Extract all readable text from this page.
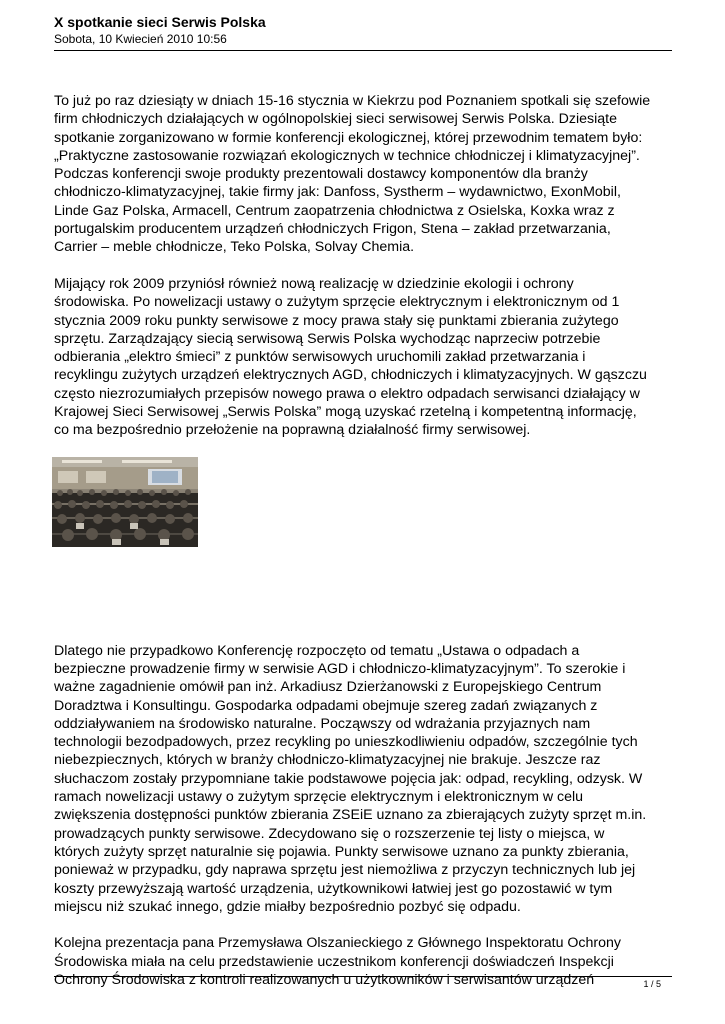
X spotkanie sieci Serwis Polska

Sobota, 10 Kwiecień 2010 10:56

To już po raz dziesiąty w dniach 15-16 stycznia w Kiekrzu pod Poznaniem spotkali się szefowie
firm chłodniczych działających w ogólnopolskiej sieci serwisowej Serwis Polska. Dziesiąte
spotkanie zorganizowano w formie konferencji ekologicznej, której przewodnim tematem było:
„Praktyczne zastosowanie rozwiązań ekologicznych w technice chłodniczej i klimatyzacyjnej”.
Podczas konferencji swoje produkty prezentowali dostawcy komponentów dla branży
chłodniczo-klimatyzacyjnej, takie firmy jak: Danfoss, Systherm – wydawnictwo, ExonMobil,
Linde Gaz Polska, Armacell, Centrum zaopatrzenia chłodnictwa z Osielska, Koxka wraz z
portugalskim producentem urządzeń chłodniczych Frigon, Stena – zakład przetwarzania,
Carrier – meble chłodnicze, Teko Polska, Solvay Chemia.

Mijający rok 2009 przyniósł również nową realizację w dziedzinie ekologii i ochrony
środowiska. Po nowelizacji ustawy o zużytym sprzęcie elektrycznym i elektronicznym od 1
stycznia 2009 roku punkty serwisowe z mocy prawa stały się punktami zbierania zużytego
sprzętu. Zarządzający siecią serwisową Serwis Polska wychodząc naprzeciw potrzebie
odbierania „elektro śmieci” z punktów serwisowych uruchomili zakład przetwarzania i
recyklingu zużytych urządzeń elektrycznych AGD, chłodniczych i klimatyzacyjnych. W gąszczu
często niezrozumiałych przepisów nowego prawa o elektro odpadach serwisanci działający w
Krajowej Sieci Serwisowej „Serwis Polska” mogą uzyskać rzetelną i kompetentną informację,
co ma bezpośrednio przełożenie na poprawną działalność firmy serwisowej.

Dlatego nie przypadkowo Konferencję rozpoczęto od tematu „Ustawa o odpadach a
bezpieczne prowadzenie firmy w serwisie AGD i chłodniczo-klimatyzacyjnym”. To szerokie i
ważne zagadnienie omówił pan inż. Arkadiusz Dzierżanowski z Europejskiego Centrum
Doradztwa i Konsultingu. Gospodarka odpadami obejmuje szereg zadań związanych z
oddziaływaniem na środowisko naturalne. Począwszy od wdrażania przyjaznych nam
technologii bezodpadowych, przez recykling po unieszkodliwieniu odpadów, szczególnie tych
niebezpiecznych, których w branży chłodniczo-klimatyzacyjnej nie brakuje. Jeszcze raz
słuchaczom zostały przypomniane takie podstawowe pojęcia jak: odpad, recykling, odzysk. W
ramach nowelizacji ustawy o zużytym sprzęcie elektrycznym i elektronicznym w celu
zwiększenia dostępności punktów zbierania ZSEiE uznano za zbierających zużyty sprzęt m.in.
prowadzących punkty serwisowe. Zdecydowano się o rozszerzenie tej listy o miejsca, w
których zużyty sprzęt naturalnie się pojawia. Punkty serwisowe uznano za punkty zbierania,
ponieważ w przypadku, gdy naprawa sprzętu jest niemożliwa z przyczyn technicznych lub jej
koszty przewyższają wartość urządzenia, użytkownikowi łatwiej jest go pozostawić w tym
miejscu niż szukać innego, gdzie miałby bezpośrednio pozbyć się odpadu.

Kolejna prezentacja pana Przemysława Olszanieckiego z Głównego Inspektoratu Ochrony
Środowiska miała na celu przedstawienie uczestnikom konferencji doświadczeń Inspekcji
Ochrony Środowiska z kontroli realizowanych u użytkowników i serwisantów urządzeń	1 / 5
